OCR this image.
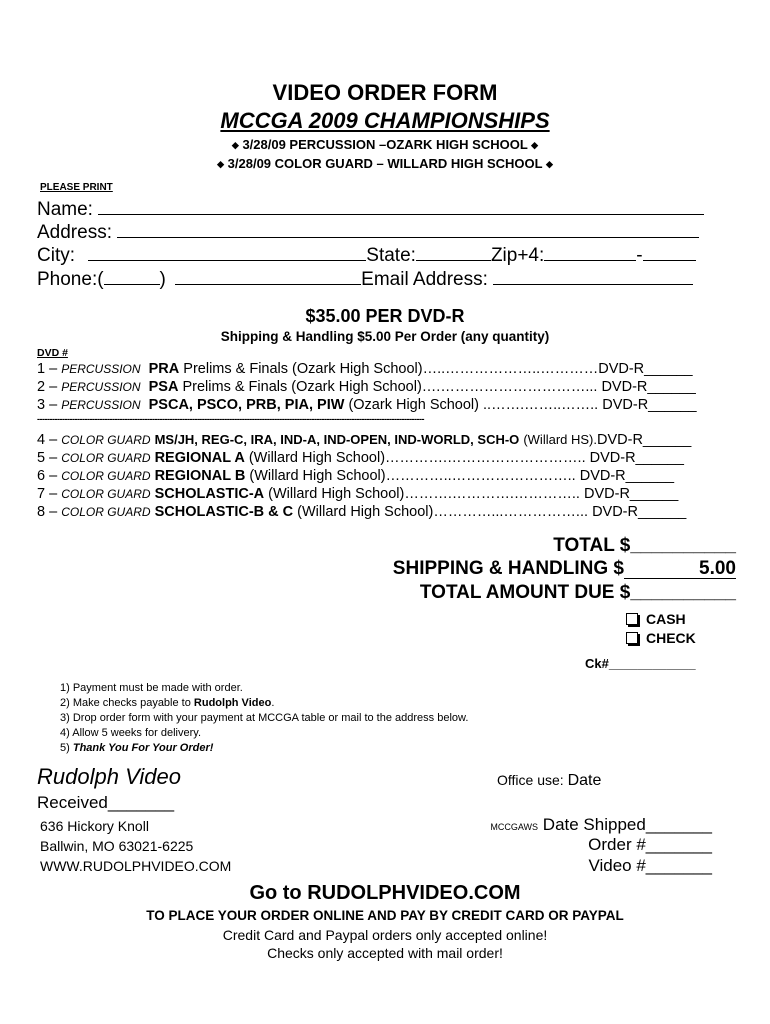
VIDEO ORDER FORM
MCCGA 2009 CHAMPIONSHIPS
◆ 3/28/09 PERCUSSION –OZARK HIGH SCHOOL ◆
◆ 3/28/09 COLOR GUARD – WILLARD HIGH SCHOOL ◆
PLEASE PRINT
Name:
Address:
City:	State:	Zip+4:	-
Phone:(	)	Email Address:
$35.00 PER DVD-R
Shipping & Handling $5.00 Per Order (any quantity)
DVD #
1 – PERCUSSION PRA Prelims & Finals (Ozark High School)…..………………..…………DVD-R______
2 – PERCUSSION PSA Prelims & Finals (Ozark High School)….…………………………... DVD-R______
3 – PERCUSSION PSCA, PSCO, PRB, PIA, PIW (Ozark High School) ..…….……..…….. DVD-R______
-----------------------------------------------------------------------------------------------------------------------------------------------------------
4 – COLOR GUARD MS/JH, REG-C, IRA, IND-A, IND-OPEN, IND-WORLD, SCH-O (Willard HS).DVD-R______
5 – COLOR GUARD REGIONAL A (Willard High School)………….……………………….. DVD-R______
6 – COLOR GUARD REGIONAL B (Willard High School)…………..…………………….. DVD-R______
7 – COLOR GUARD SCHOLASTIC-A (Willard High School)……….………….………….. DVD-R______
8 – COLOR GUARD SCHOLASTIC-B & C (Willard High School)…………...……………... DVD-R______
TOTAL $__________
SHIPPING & HANDLING $	5.00
TOTAL AMOUNT DUE $__________
CASH
CHECK
Ck#____________
1) Payment must be made with order.
2) Make checks payable to Rudolph Video.
3) Drop order form with your payment at MCCGA table or mail to the address below.
4) Allow 5 weeks for delivery.
5) Thank You For Your Order!
Rudolph Video	Office use: Date
Received_______
636 Hickory Knoll
Ballwin, MO 63021-6225
WWW.RUDOLPHVIDEO.COM
MCCGAWS Date Shipped_______
Order #_______
Video #_______
Go to RUDOLPHVIDEO.COM
TO PLACE YOUR ORDER ONLINE AND PAY BY CREDIT CARD OR PAYPAL
Credit Card and Paypal orders only accepted online!
Checks only accepted with mail order!
